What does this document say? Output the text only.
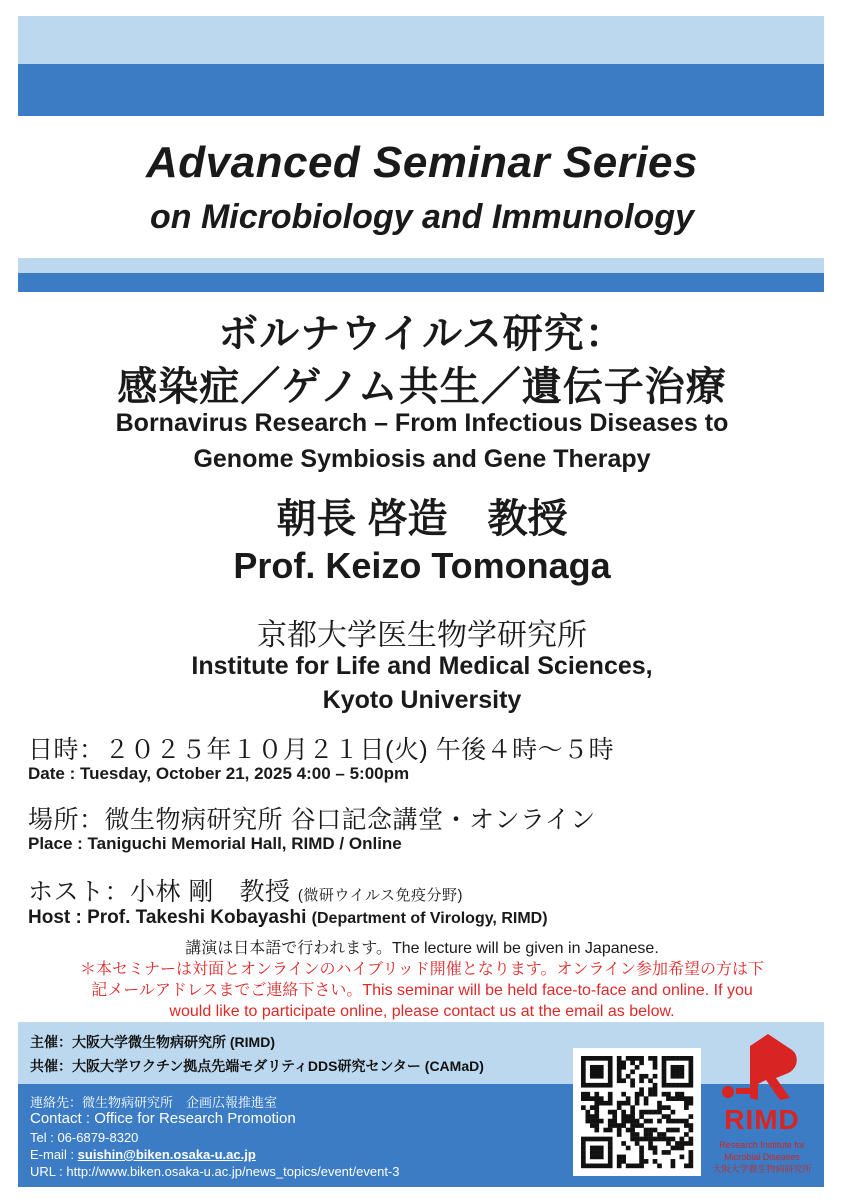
Advanced Seminar Series
on Microbiology and Immunology
ボルナウイルス研究：
感染症／ゲノム共生／遺伝子治療
Bornavirus Research – From Infectious Diseases to
Genome Symbiosis and Gene Therapy
朝長 啓造　教授
Prof. Keizo Tomonaga
京都大学医生物学研究所
Institute for Life and Medical Sciences,
Kyoto University
日時：２０２５年１０月２１日(火) 午後４時～５時
Date : Tuesday, October 21, 2025 4:00 – 5:00pm
場所：微生物病研究所 谷口記念講堂・オンライン
Place : Taniguchi Memorial Hall, RIMD / Online
ホスト：小林 剛　教授 (微研ウイルス免疫分野)
Host : Prof. Takeshi Kobayashi (Department of Virology, RIMD)
講演は日本語で行われます。The lecture will be given in Japanese.
＊本セミナーは対面とオンラインのハイブリッド開催となります。オンライン参加希望の方は下
記メールアドレスまでご連絡下さい。This seminar will be held face-to-face and online. If you
would like to participate online, please contact us at the email as below.
主催：大阪大学微生物病研究所 (RIMD)
共催：大阪大学ワクチン拠点先端モダリティDDS研究センター (CAMaD)
連絡先：微生物病研究所　企画広報推進室
Contact : Office for Research Promotion
Tel : 06-6879-8320
E-mail : suishin@biken.osaka-u.ac.jp
URL : http://www.biken.osaka-u.ac.jp/news_topics/event/event-3
RIMD
Research Institute for
Microbial Diseases
大阪大学微生物病研究所
